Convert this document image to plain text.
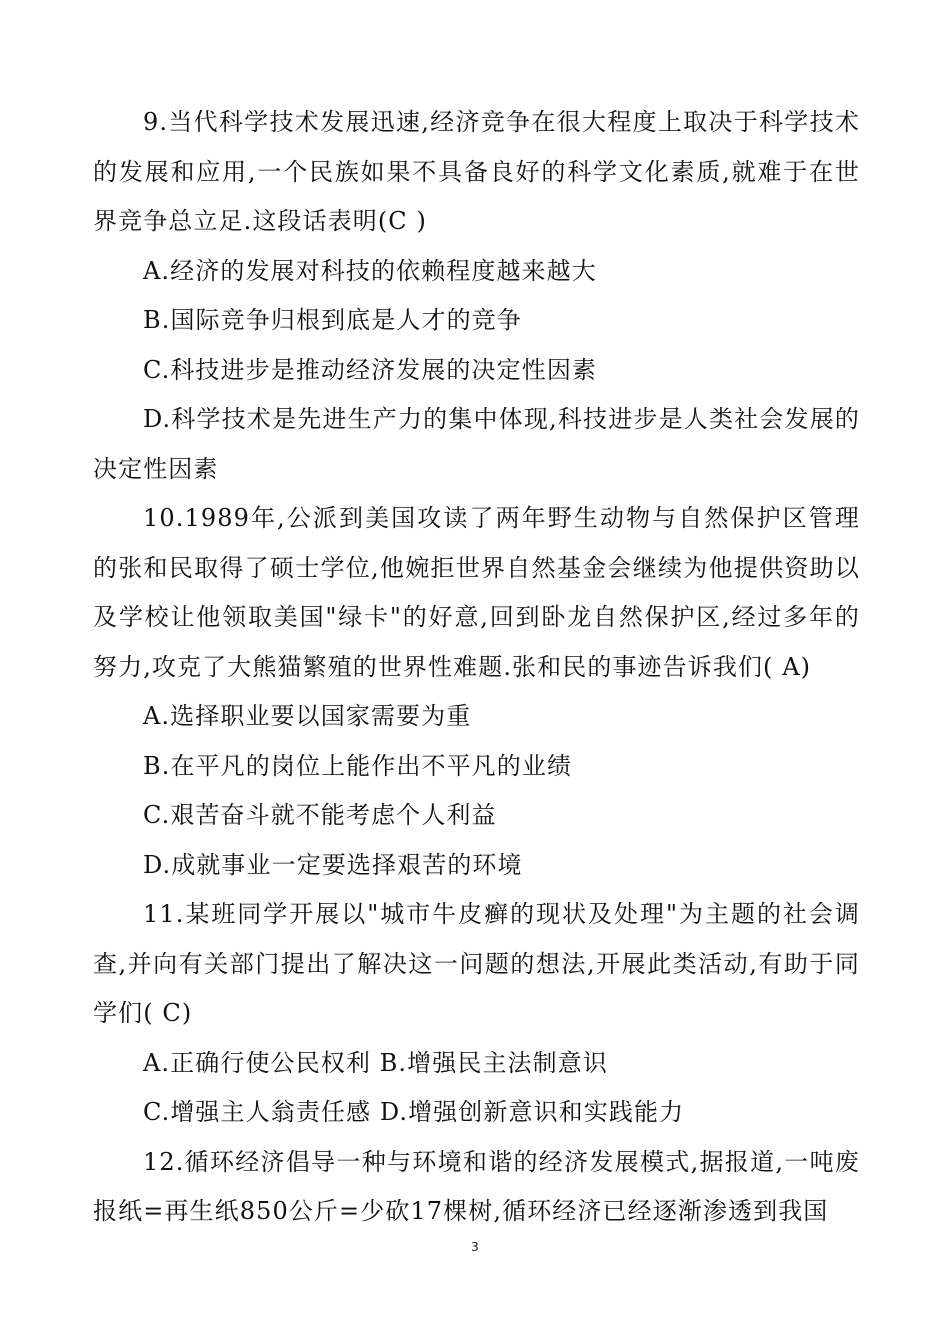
9.当代科学技术发展迅速,经济竞争在很大程度上取决于科学技术的发展和应用,一个民族如果不具备良好的科学文化素质,就难于在世界竞争总立足.这段话表明(C )

A.经济的发展对科技的依赖程度越来越大

B.国际竞争归根到底是人才的竞争

C.科技进步是推动经济发展的决定性因素

D.科学技术是先进生产力的集中体现,科技进步是人类社会发展的决定性因素

10.1989年,公派到美国攻读了两年野生动物与自然保护区管理的张和民取得了硕士学位,他婉拒世界自然基金会继续为他提供资助以及学校让他领取美国"绿卡"的好意,回到卧龙自然保护区,经过多年的努力,攻克了大熊猫繁殖的世界性难题.张和民的事迹告诉我们( A)

A.选择职业要以国家需要为重

B.在平凡的岗位上能作出不平凡的业绩

C.艰苦奋斗就不能考虑个人利益

D.成就事业一定要选择艰苦的环境

11.某班同学开展以"城市牛皮癣的现状及处理"为主题的社会调查,并向有关部门提出了解决这一问题的想法,开展此类活动,有助于同学们( C)

A.正确行使公民权利 B.增强民主法制意识

C.增强主人翁责任感 D.增强创新意识和实践能力

12.循环经济倡导一种与环境和谐的经济发展模式,据报道,一吨废报纸=再生纸850公斤=少砍17棵树,循环经济已经逐渐渗透到我国

3
